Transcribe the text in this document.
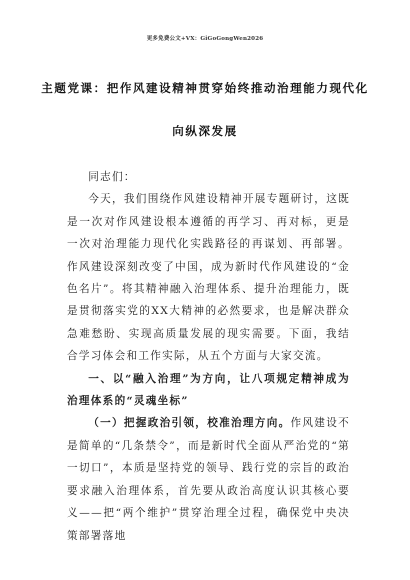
更多免费公文+VX：GiGoGongWen2026
主题党课：把作风建设精神贯穿始终推动治理能力现代化
向纵深发展

同志们：

今天，我们围绕作风建设精神开展专题研讨，这既是一次对作风建设根本遵循的再学习、再对标，更是一次对治理能力现代化实践路径的再谋划、再部署。作风建设深刻改变了中国，成为新时代作风建设的“金色名片”。将其精神融入治理体系、提升治理能力，既是贯彻落实党的XX大精神的必然要求，也是解决群众急难愁盼、实现高质量发展的现实需要。下面，我结合学习体会和工作实际，从五个方面与大家交流。

一、以“融入治理”为方向，让八项规定精神成为治理体系的“灵魂坐标”

（一）把握政治引领，校准治理方向。作风建设不是简单的“几条禁令”，而是新时代全面从严治党的“第一切口”，本质是坚持党的领导、践行党的宗旨的政治要求融入治理体系，首先要从政治高度认识其核心要义——把“两个维护”贯穿治理全过程，确保党中央决策部署落地
